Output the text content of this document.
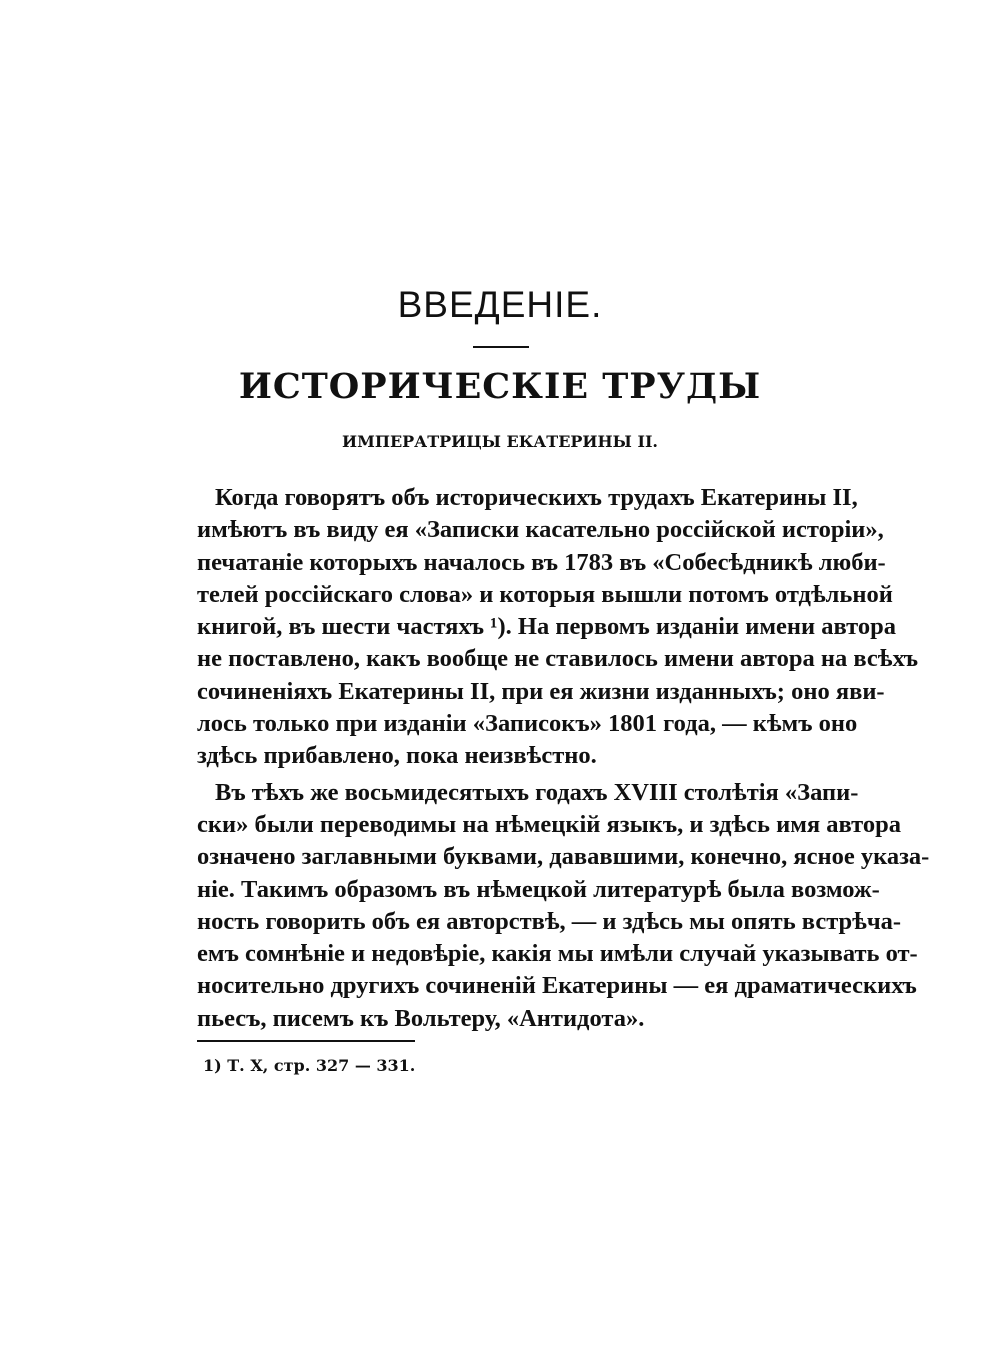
ВВЕДЕНІЕ.
ИСТОРИЧЕСКІЕ ТРУДЫ
ИМПЕРАТРИЦЫ ЕКАТЕРИНЫ II.

Когда говорятъ объ историческихъ трудахъ Екатерины II,
имѣютъ въ виду ея «Записки касательно россійской исторіи»,
печатаніе которыхъ началось въ 1783 въ «Собесѣдникѣ люби-
телей россійскаго слова» и которыя вышли потомъ отдѣльной
книгой, въ шести частяхъ ¹). На первомъ изданіи имени автора
не поставлено, какъ вообще не ставилось имени автора на всѣхъ
сочиненіяхъ Екатерины II, при ея жизни изданныхъ; оно яви-
лось только при изданіи «Записокъ» 1801 года, — кѣмъ оно
здѣсь прибавлено, пока неизвѣстно.

Въ тѣхъ же восьмидесятыхъ годахъ XVIII столѣтія «Запи-
ски» были переводимы на нѣмецкій языкъ, и здѣсь имя автора
означено заглавными буквами, дававшими, конечно, ясное указа-
ніе. Такимъ образомъ въ нѣмецкой литературѣ была возмож-
ность говорить объ ея авторствѣ, — и здѣсь мы опять встрѣча-
емъ сомнѣніе и недовѣріе, какія мы имѣли случай указывать от-
носительно другихъ сочиненій Екатерины — ея драматическихъ
пьесъ, писемъ къ Вольтеру, «Антидота».

1) Т. X, стр. 327 — 331.
